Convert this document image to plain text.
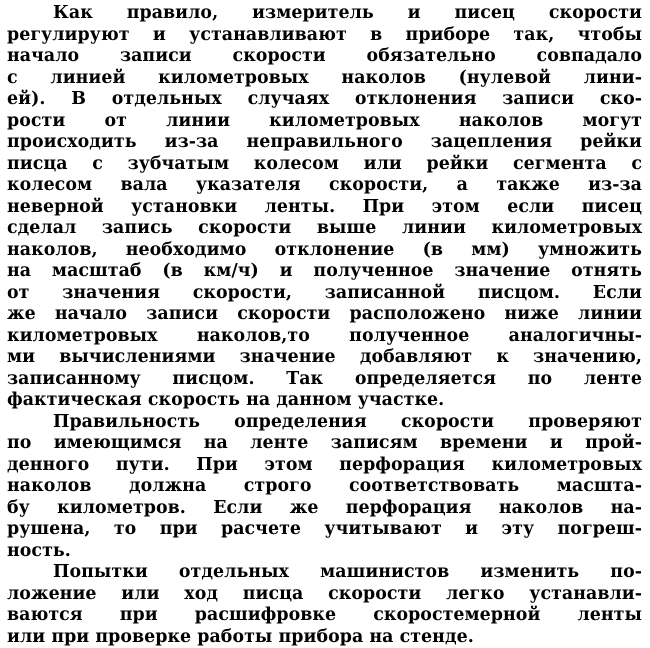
Как правило, измеритель и писец скорости
регулируют и устанавливают в приборе так, чтобы
начало записи скорости обязательно совпадало
с линией километровых наколов (нулевой лини-
ей). В отдельных случаях отклонения записи ско-
рости от линии километровых наколов могут
происходить из-за неправильного зацепления рейки
писца с зубчатым колесом или рейки сегмента с
колесом вала указателя скорости, а также из-за
неверной установки ленты. При этом если писец
сделал запись скорости выше линии километровых
наколов, необходимо отклонение (в мм) умножить
на масштаб (в км/ч) и полученное значение отнять
от значения скорости, записанной писцом. Если
же начало записи скорости расположено ниже линии
километровых наколов,то полученное аналогичны-
ми вычислениями значение добавляют к значению,
записанному писцом. Так определяется по ленте
фактическая скорость на данном участке.
Правильность определения скорости проверяют
по имеющимся на ленте записям времени и прой-
денного пути. При этом перфорация километровых
наколов должна строго соответствовать масшта-
бу километров. Если же перфорация наколов на-
рушена, то при расчете учитывают и эту погреш-
ность.
Попытки отдельных машинистов изменить по-
ложение или ход писца скорости легко устанавли-
ваются при расшифровке скоростемерной ленты
или при проверке работы прибора на стенде.
